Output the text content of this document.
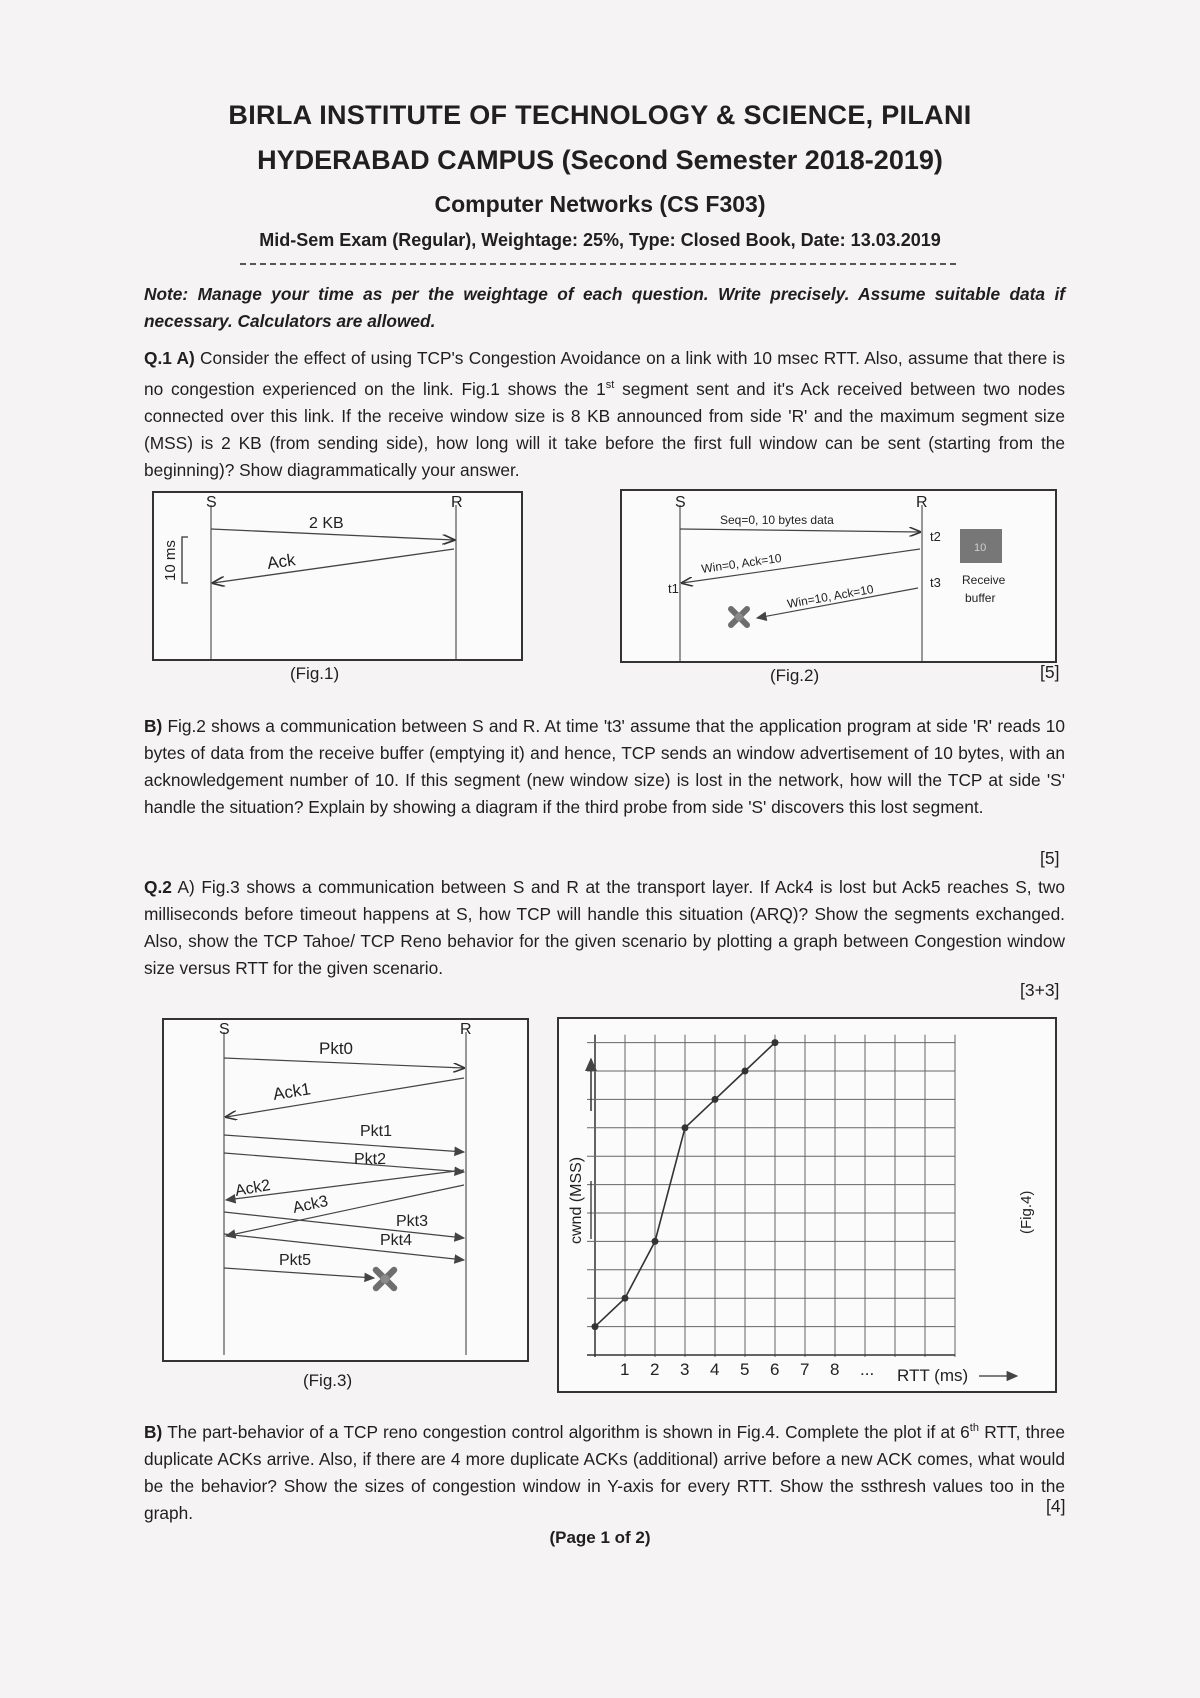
BIRLA INSTITUTE OF TECHNOLOGY & SCIENCE, PILANI
HYDERABAD CAMPUS (Second Semester 2018-2019)
Computer Networks (CS F303)
Mid-Sem Exam (Regular), Weightage: 25%, Type: Closed Book, Date: 13.03.2019

Note: Manage your time as per the weightage of each question. Write precisely. Assume suitable data if necessary. Calculators are allowed.

Q.1 A) Consider the effect of using TCP's Congestion Avoidance on a link with 10 msec RTT. Also, assume that there is no congestion experienced on the link. Fig.1 shows the 1st segment sent and it's Ack received between two nodes connected over this link. If the receive window size is 8 KB announced from side 'R' and the maximum segment size (MSS) is 2 KB (from sending side), how long will it take before the first full window can be sent (starting from the beginning)? Show diagrammatically your answer.

S	R
2 KB
Ack
10 ms
(Fig.1)
S	R
Seq=0, 10 bytes data
Win=0, Ack=10
Win=10, Ack=10
t1
t2
t3
10
Receive
buffer
(Fig.2)	[5]

B) Fig.2 shows a communication between S and R. At time 't3' assume that the application program at side 'R' reads 10 bytes of data from the receive buffer (emptying it) and hence, TCP sends an window advertisement of 10 bytes, with an acknowledgement number of 10. If this segment (new window size) is lost in the network, how will the TCP at side 'S' handle the situation? Explain by showing a diagram if the third probe from side 'S' discovers this lost segment.

[5]

Q.2 A) Fig.3 shows a communication between S and R at the transport layer. If Ack4 is lost but Ack5 reaches S, two milliseconds before timeout happens at S, how TCP will handle this situation (ARQ)? Show the segments exchanged. Also, show the TCP Tahoe/ TCP Reno behavior for the given scenario by plotting a graph between Congestion window size versus RTT for the given scenario.

[3+3]
S	R
Pkt0
Ack1
Pkt1
Pkt2
Ack2
Ack3
Pkt3
Pkt4
Pkt5
(Fig.3)
cwnd (MSS)
1 2 3 4 5 6 7 8 ... RTT (ms)
(Fig.4)

B) The part-behavior of a TCP reno congestion control algorithm is shown in Fig.4. Complete the plot if at 6th RTT, three duplicate ACKs arrive. Also, if there are 4 more duplicate ACKs (additional) arrive before a new ACK comes, what would be the behavior? Show the sizes of congestion window in Y-axis for every RTT. Show the ssthresh values too in the graph.	[4]
(Page 1 of 2)
